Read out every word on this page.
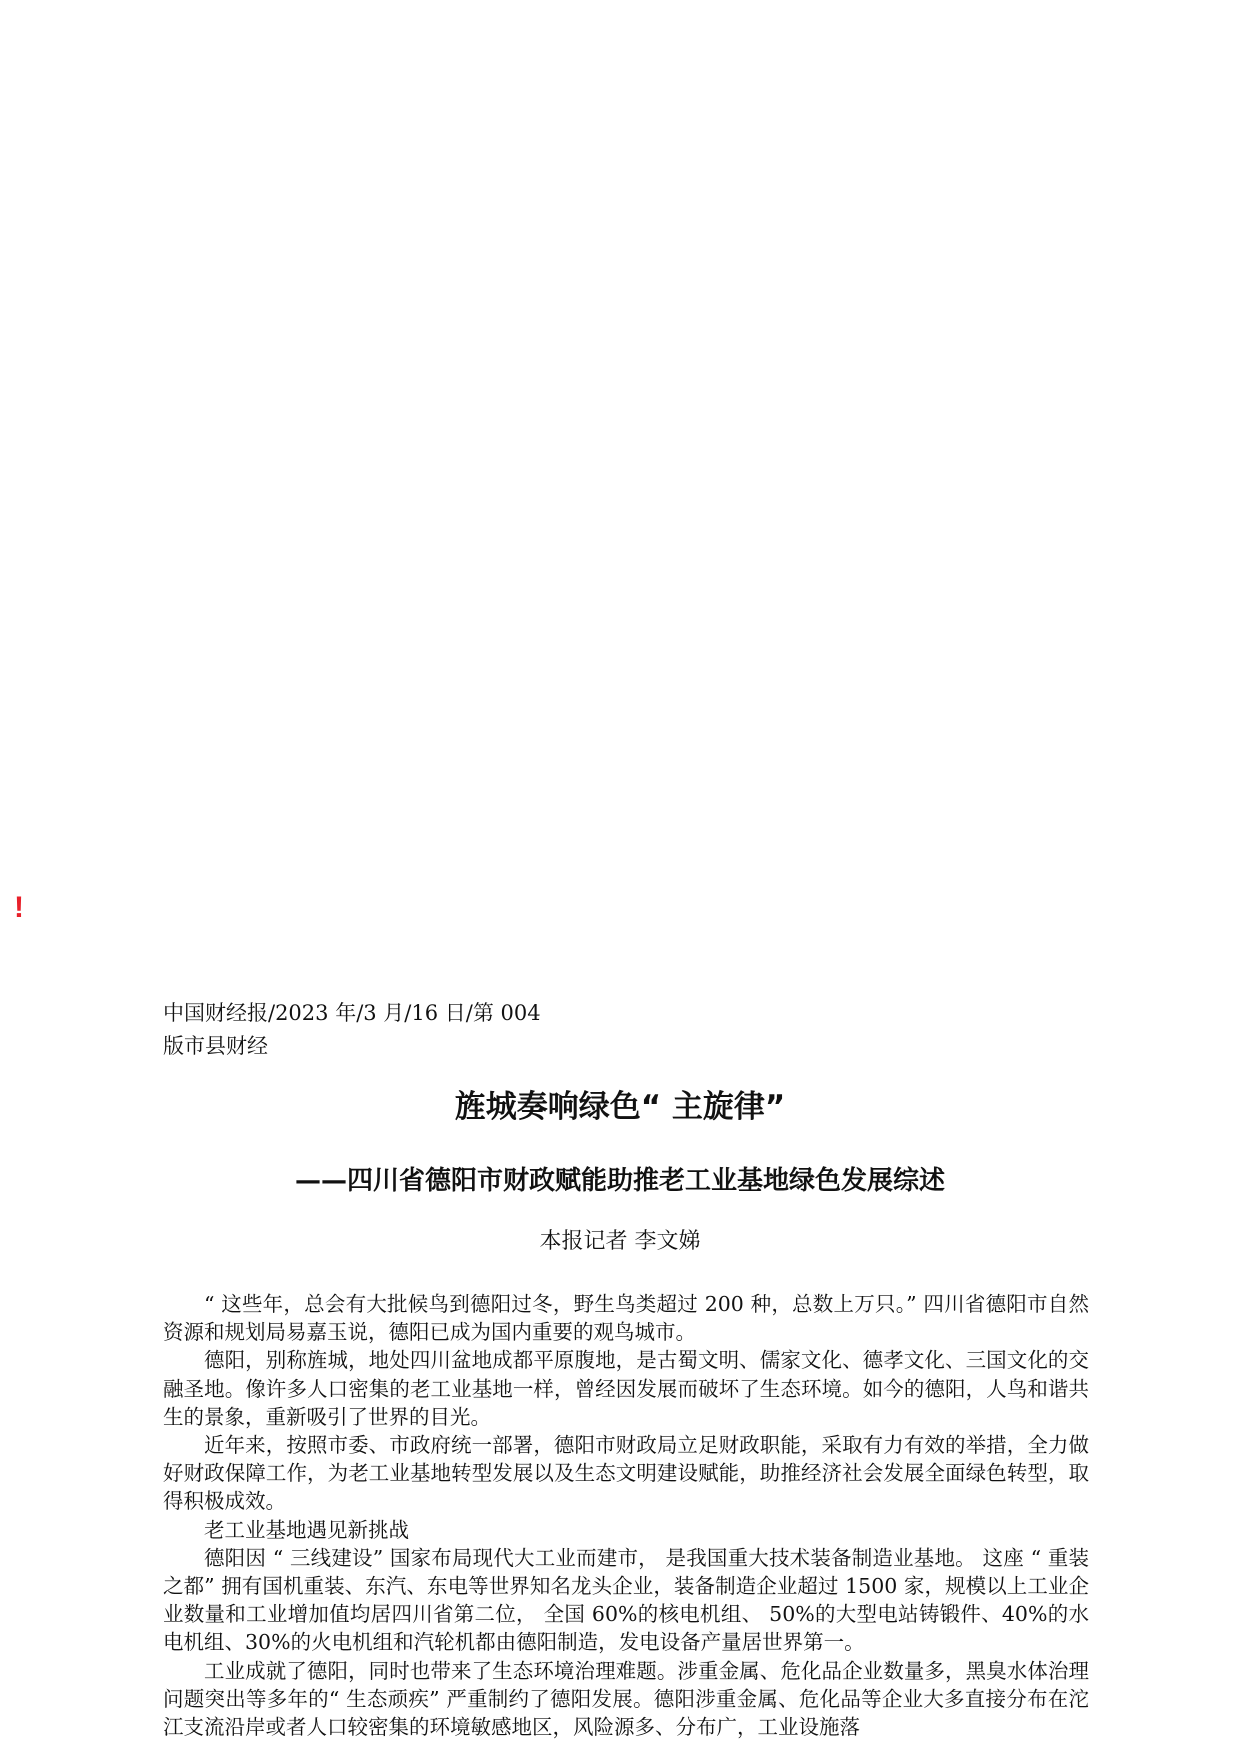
!
中国财经报/2023 年/3 月/16 日/第 004
版市县财经
旌城奏响绿色“ 主旋律”
——四川省德阳市财政赋能助推老工业基地绿色发展综述
本报记者 李文娣

“ 这些年，总会有大批候鸟到德阳过冬，野生鸟类超过 200 种，总数上万只。” 四川省德阳市自然资源和规划局易嘉玉说，德阳已成为国内重要的观鸟城市。

德阳，别称旌城，地处四川盆地成都平原腹地，是古蜀文明、儒家文化、德孝文化、三国文化的交融圣地。像许多人口密集的老工业基地一样，曾经因发展而破坏了生态环境。如今的德阳，人鸟和谐共生的景象，重新吸引了世界的目光。

近年来，按照市委、市政府统一部署，德阳市财政局立足财政职能，采取有力有效的举措，全力做好财政保障工作，为老工业基地转型发展以及生态文明建设赋能，助推经济社会发展全面绿色转型，取得积极成效。

老工业基地遇见新挑战

德阳因 “ 三线建设” 国家布局现代大工业而建市， 是我国重大技术装备制造业基地。 这座 “ 重装之都” 拥有国机重装、东汽、东电等世界知名龙头企业，装备制造企业超过 1500 家，规模以上工业企业数量和工业增加值均居四川省第二位， 全国 60%的核电机组、 50%的大型电站铸锻件、40%的水电机组、30%的火电机组和汽轮机都由德阳制造，发电设备产量居世界第一。

工业成就了德阳，同时也带来了生态环境治理难题。涉重金属、危化品企业数量多，黑臭水体治理问题突出等多年的“ 生态顽疾” 严重制约了德阳发展。德阳涉重金属、危化品等企业大多直接分布在沱江支流沿岸或者人口较密集的环境敏感地区，风险源多、分布广，工业设施落
